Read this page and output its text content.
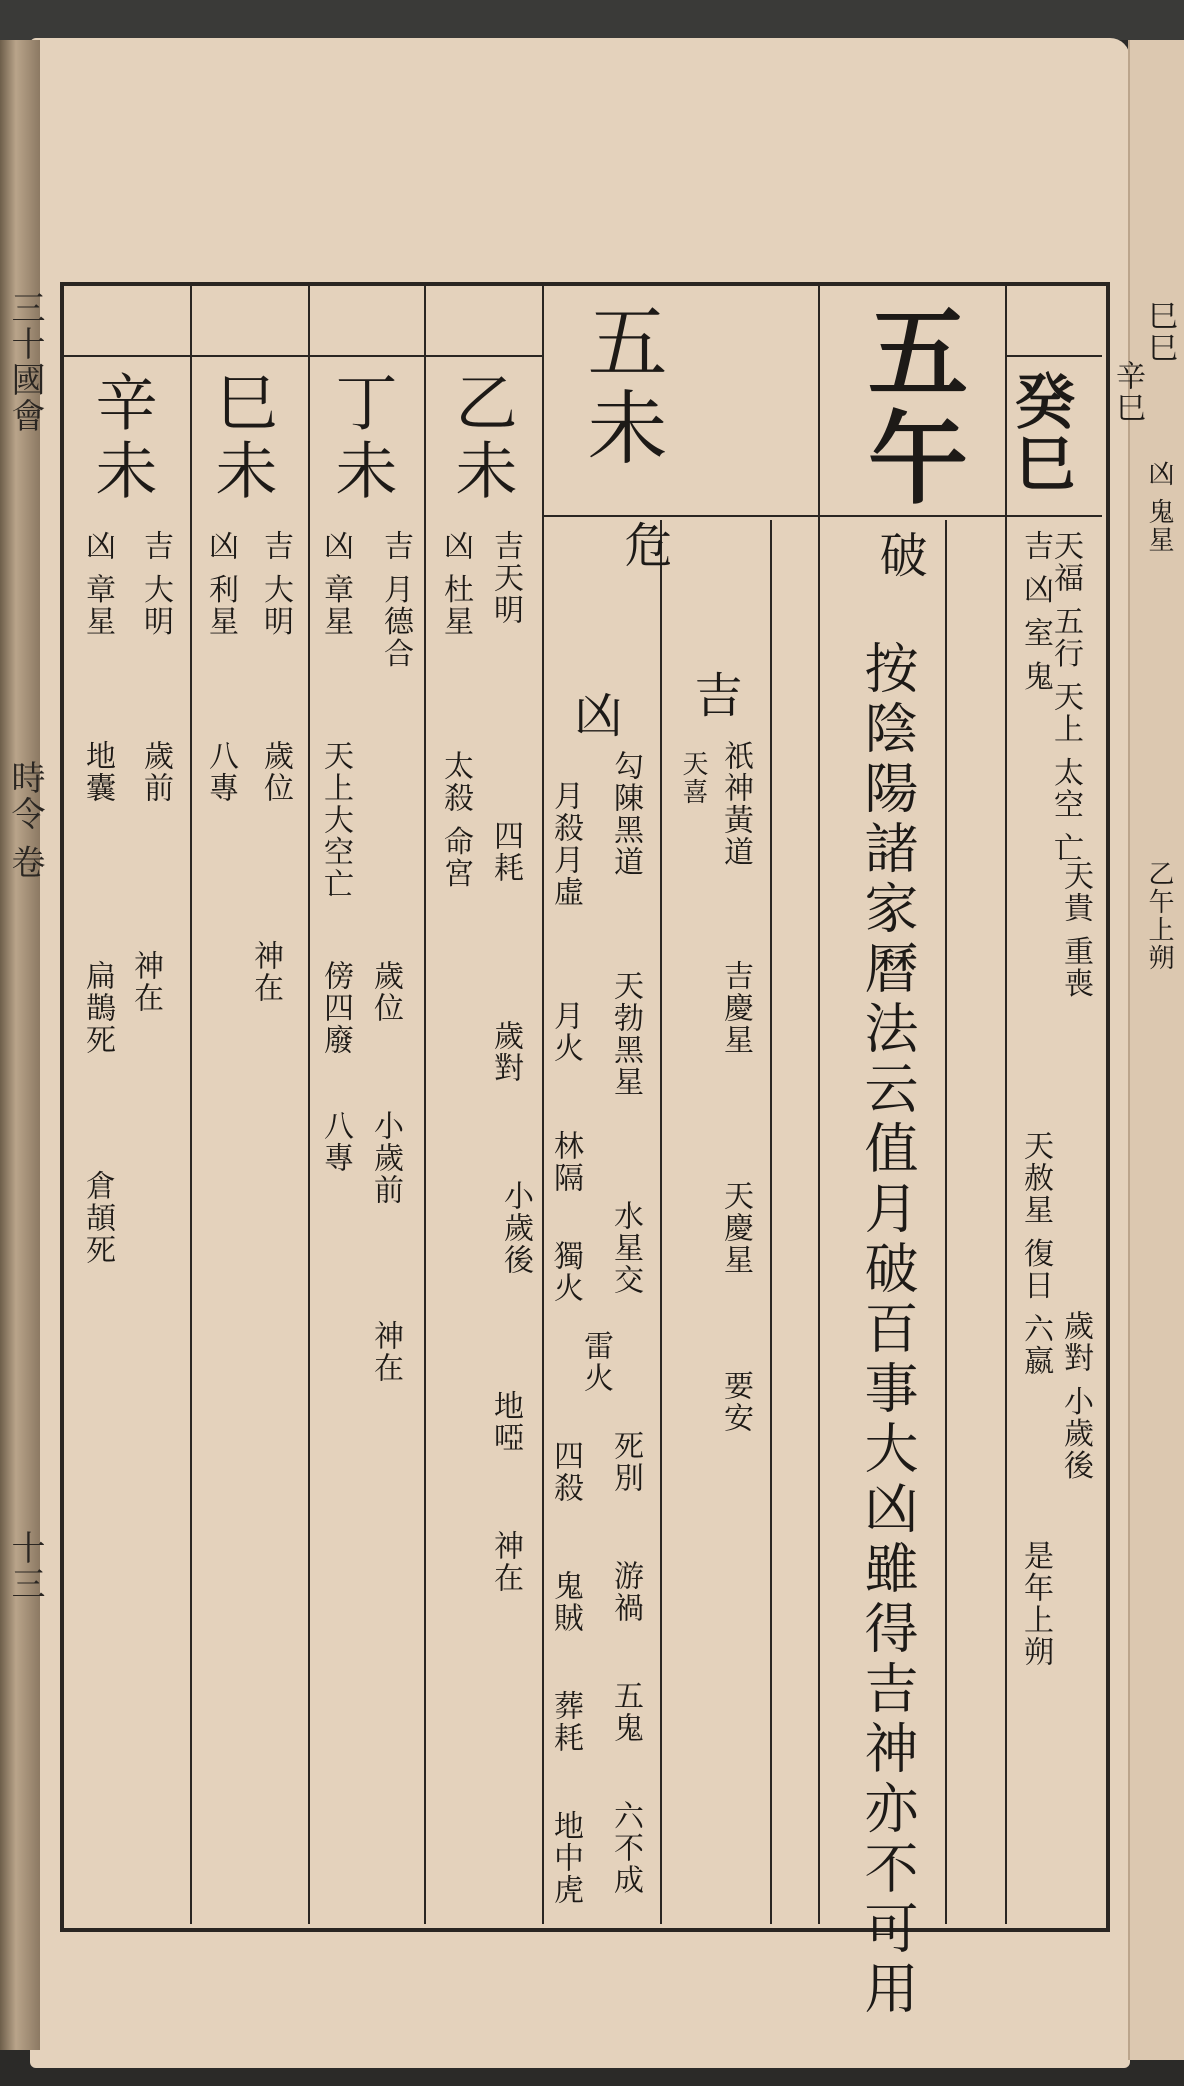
三十國會
時令 卷
十三
巳巳
辛巳
凶 鬼星
乙午上朔
癸巳
吉 凶 室 鬼
天福 五行 天上 太空 亡
天貴 重喪
天赦星 復日 六嬴
歲對 小歲後
是年上朔
五午
破
按陰陽諸家曆法云值月破百事大凶雖得吉神亦不可用
五未
危
吉
天喜 祇神黃道
吉慶星
天慶星
要安
凶
月殺月虛 勾陳黑道
天勃黑星
月火
林隔
獨火 水星交
雷火
死別
四殺
游禍
鬼賊
五鬼
葬耗
六不成
地中虎
乙未
吉天明
凶 杜星
太殺 命宮 四耗
歲對
小歲後
地啞
神在
丁未
吉 月德合
凶 章星
天上大空亡
傍四廢
八專
歲位
小歲前
神在
巳未
吉 大明
凶 利星
八專 歲位
神在
辛未
吉 大明
凶 章星
歲前
地囊
神在
扁鵲死
倉頡死
